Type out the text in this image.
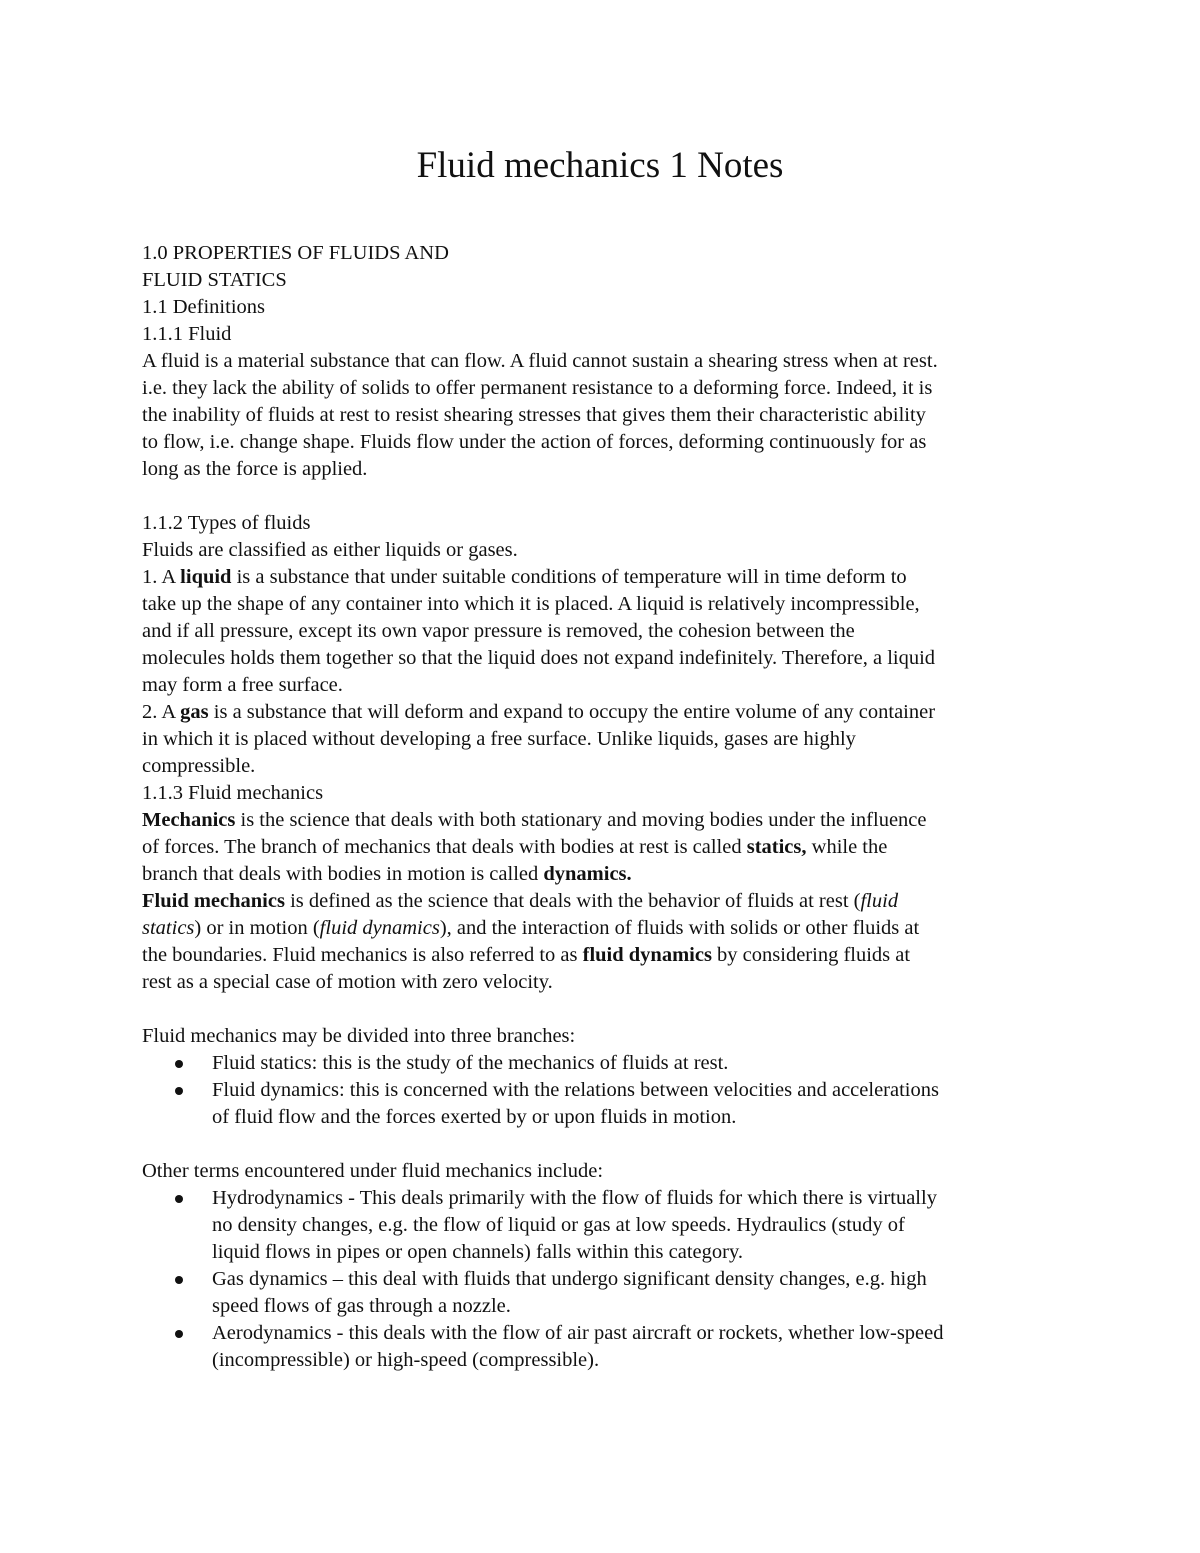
Fluid mechanics 1 Notes
1.0 PROPERTIES OF FLUIDS AND
FLUID STATICS
1.1 Definitions
1.1.1 Fluid
A fluid is a material substance that can flow. A fluid cannot sustain a shearing stress when at rest.
i.e. they lack the ability of solids to offer permanent resistance to a deforming force. Indeed, it is
the inability of fluids at rest to resist shearing stresses that gives them their characteristic ability
to flow, i.e. change shape. Fluids flow under the action of forces, deforming continuously for as
long as the force is applied.
1.1.2 Types of fluids
Fluids are classified as either liquids or gases.
1. A liquid is a substance that under suitable conditions of temperature will in time deform to
take up the shape of any container into which it is placed. A liquid is relatively incompressible,
and if all pressure, except its own vapor pressure is removed, the cohesion between the
molecules holds them together so that the liquid does not expand indefinitely. Therefore, a liquid
may form a free surface.
2. A gas is a substance that will deform and expand to occupy the entire volume of any container
in which it is placed without developing a free surface. Unlike liquids, gases are highly
compressible.
1.1.3 Fluid mechanics
Mechanics is the science that deals with both stationary and moving bodies under the influence
of forces. The branch of mechanics that deals with bodies at rest is called statics, while the
branch that deals with bodies in motion is called dynamics.
Fluid mechanics is defined as the science that deals with the behavior of fluids at rest (fluid
statics) or in motion (fluid dynamics), and the interaction of fluids with solids or other fluids at
the boundaries. Fluid mechanics is also referred to as fluid dynamics by considering fluids at
rest as a special case of motion with zero velocity.
Fluid mechanics may be divided into three branches:
Fluid statics: this is the study of the mechanics of fluids at rest.
Fluid dynamics: this is concerned with the relations between velocities and accelerations
of fluid flow and the forces exerted by or upon fluids in motion.
Other terms encountered under fluid mechanics include:
Hydrodynamics - This deals primarily with the flow of fluids for which there is virtually
no density changes, e.g. the flow of liquid or gas at low speeds. Hydraulics (study of
liquid flows in pipes or open channels) falls within this category.
Gas dynamics – this deal with fluids that undergo significant density changes, e.g. high
speed flows of gas through a nozzle.
Aerodynamics - this deals with the flow of air past aircraft or rockets, whether low-speed
(incompressible) or high-speed (compressible).
